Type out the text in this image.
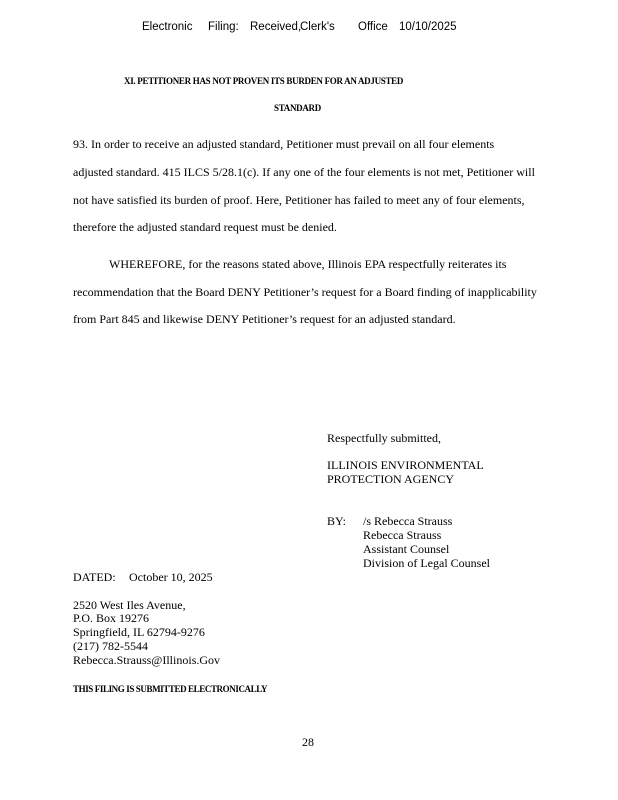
Electronic Filing: Received,
Clerk's Office 10/10/2025
XI. PETITIONER HAS NOT PROVEN ITS BURDEN FOR AN ADJUSTED
STANDARD
93. In order to receive an adjusted standard, Petitioner must prevail on all four elements
adjusted standard. 415 ILCS 5/28.1(c). If any one of the four elements is not met, Petitioner will
not have satisfied its burden of proof. Here, Petitioner has failed to meet any of four elements,
therefore the adjusted standard request must be denied.
WHEREFORE, for the reasons stated above, Illinois EPA respectfully reiterates its
recommendation that the Board DENY Petitioner’s request for a Board finding of inapplicability
from Part 845 and likewise DENY Petitioner’s request for an adjusted standard.
Respectfully submitted,
ILLINOIS ENVIRONMENTAL
PROTECTION AGENCY
BY: /s Rebecca Strauss
Rebecca Strauss
Assistant Counsel
Division of Legal Counsel
DATED: October 10, 2025
2520 West Iles Avenue,
P.O. Box 19276
Springfield, IL 62794-9276
(217) 782-5544
Rebecca.Strauss@Illinois.Gov
THIS FILING IS SUBMITTED ELECTRONICALLY
28
